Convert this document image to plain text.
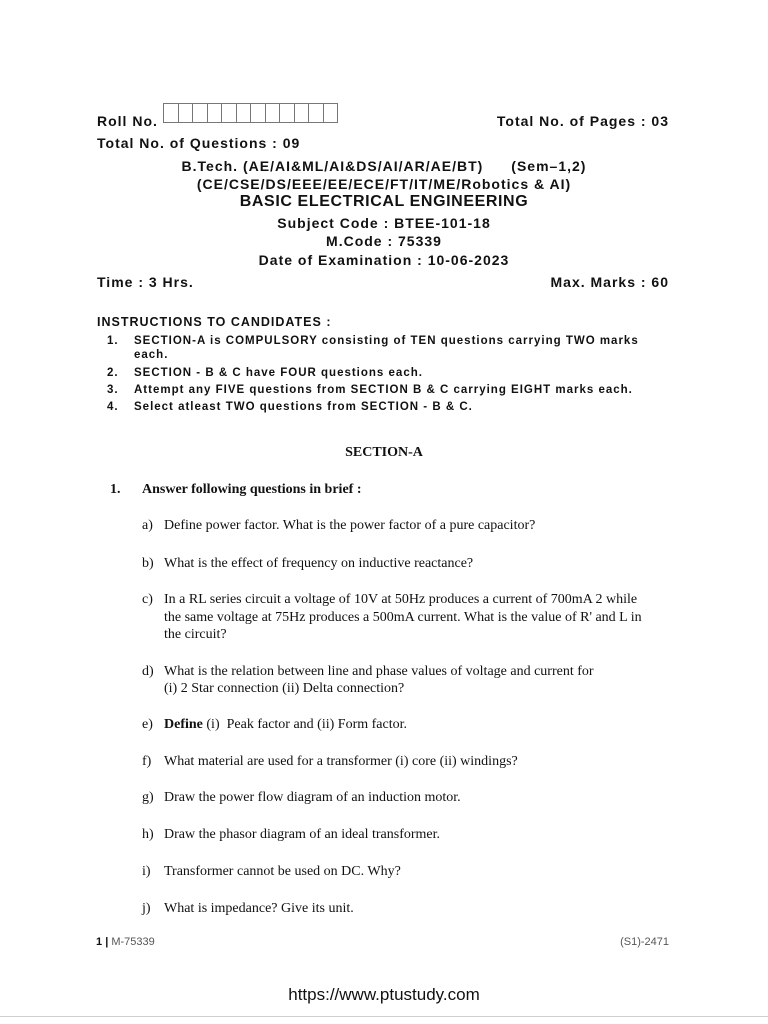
Roll No.	Total No. of Pages : 03
Total No. of Questions : 09
B.Tech. (AE/AI&ML/AI&DS/AI/AR/AE/BT) (Sem–1,2)
(CE/CSE/DS/EEE/EE/ECE/FT/IT/ME/Robotics & AI)
BASIC ELECTRICAL ENGINEERING
Subject Code : BTEE-101-18
M.Code : 75339
Date of Examination : 10-06-2023
Time : 3 Hrs.	Max. Marks : 60
INSTRUCTIONS TO CANDIDATES :
1. SECTION-A is COMPULSORY consisting of TEN questions carrying TWO marks
each.
2. SECTION - B & C have FOUR questions each.
3. Attempt any FIVE questions from SECTION B & C carrying EIGHT marks each.
4. Select atleast TWO questions from SECTION - B & C.
SECTION-A
1. Answer following questions in brief :
a) Define power factor. What is the power factor of a pure capacitor?
b) What is the effect of frequency on inductive reactance?
c) In a RL series circuit a voltage of 10V at 50Hz produces a current of 700mA 2 while
the same voltage at 75Hz produces a 500mA current. What is the value of R' and L in
the circuit?
d) What is the relation between line and phase values of voltage and current for
(i) 2 Star connection (ii) Delta connection?
e) Define (i)  Peak factor and (ii) Form factor.
f) What material are used for a transformer (i) core (ii) windings?
g) Draw the power flow diagram of an induction motor.
h) Draw the phasor diagram of an ideal transformer.
i) Transformer cannot be used on DC. Why?
j) What is impedance? Give its unit.
1 | M-75339	(S1)-2471
https://www.ptustudy.com
